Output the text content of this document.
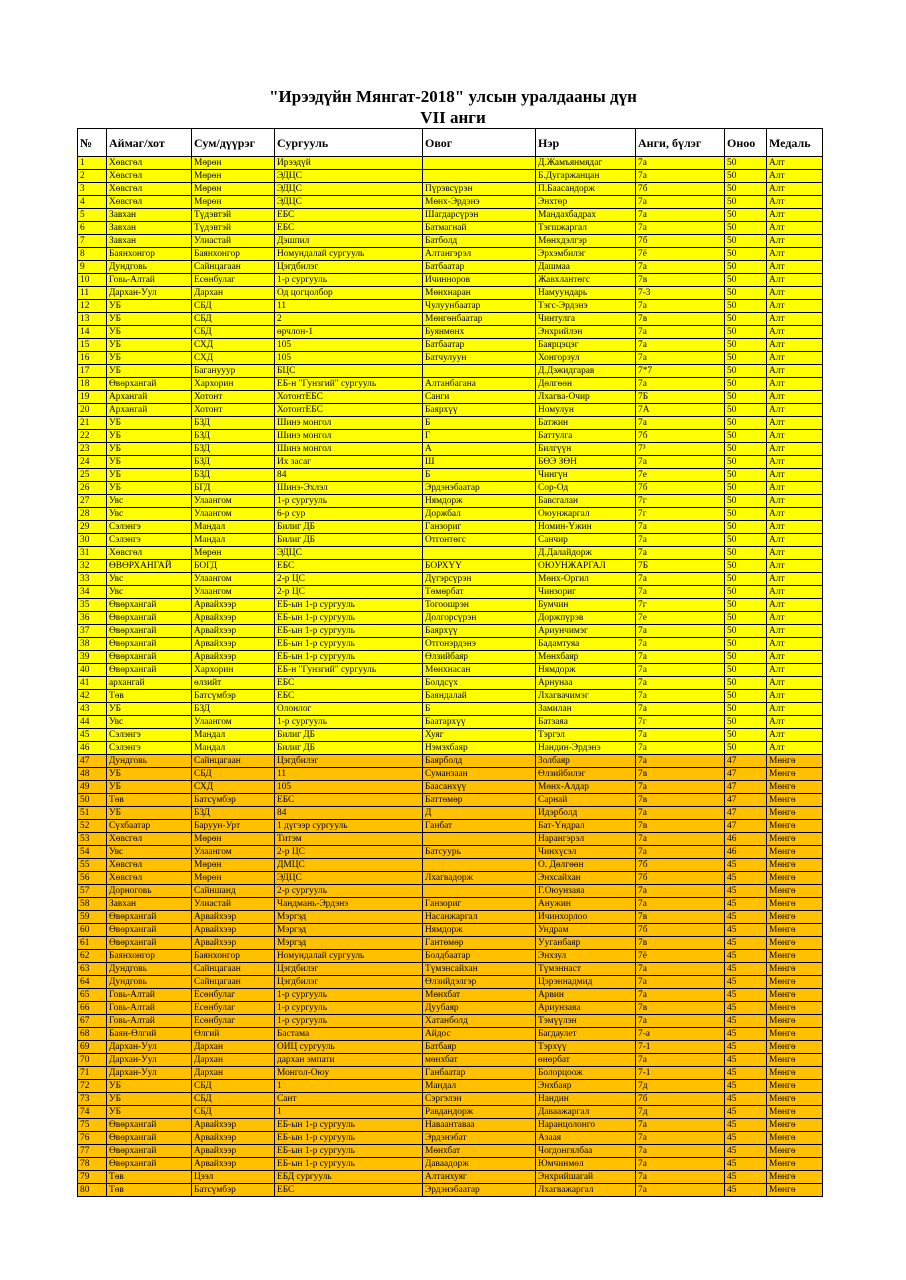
"Ирээдүйн Мянгат-2018" улсын уралдааны дүн
VII анги
№	Аймаг/хот	Сум/дүүрэг	Сургууль	Овог	Нэр	Анги, бүлэг	Оноо	Медаль
1	Хөвсгөл	Мөрөн	Ирээдүй		Д.Жамъянмядаг	7а	50	Алт
2	Хөвсгөл	Мөрөн	ЭДЦС		Б.Дугаржанцан	7а	50	Алт
3	Хөвсгөл	Мөрөн	ЭДЦС	Пүрэвсүрэн	П.Баасандорж	7б	50	Алт
4	Хөвсгөл	Мөрөн	ЭДЦС	Мөнх-Эрдэнэ	Энхтөр	7а	50	Алт
5	Завхан	Түдэвтэй	ЕБС	Шагдарсүрэн	Мандахбадрах	7а	50	Алт
6	Завхан	Түдэвтэй	ЕБС	Батмагнай	Тэгшжаргал	7а	50	Алт
7	Завхан	Улиастай	Дэшпил	Батболд	Мөнхдэлгэр	7б	50	Алт
8	Баянхонгор	Баянхонгор	Номундалай сургууль	Алтангэрэл	Эрхэмбилэг	7ё	50	Алт
9	Дундговь	Сайнцагаан	Цэгдбилэг	Батбаатар	Дашмаа	7а	50	Алт
10	Говь-Алтай	Есөнбулаг	1-р сургууль	Ичинноров	Жавхлантөгс	7в	50	Алт
11	Дархан-Уул	Дархан	Од цогцолбор	Мөнхнаран	Намуундарь	7-3	50	Алт
12	УБ	СБД	11	Чулуунбаатар	Тэгс-Эрдэнэ	7а	50	Алт
13	УБ	СБД	2	Мөнгөнбаатар	Чинтулга	7в	50	Алт
14	УБ	СБД	өрчлон-1	Буянмөнх	Энхрийлэн	7а	50	Алт
15	УБ	СХД	105	Батбаатар	Баярцэцэг	7а	50	Алт
16	УБ	СХД	105	Батчулуун	Хонгорзул	7а	50	Алт
17	УБ	Баганууур	БЦС		Д.Дэжидгарав	7*7	50	Алт
18	Өвөрхангай	Хархорин	ЕБ-н "Гунзгий" сургууль	Алтанбагана	Дөлгөөн	7а	50	Алт
19	Архангай	Хотонт	ХотонтЕБС	Санги	Лхагва-Очир	7Б	50	Алт
20	Архангай	Хотонт	ХотонтЕБС	Баярхүү	Номулун	7А	50	Алт
21	УБ	БЗД	Шинэ монгол	Б	Батжин	7а	50	Алт
22	УБ	БЗД	Шинэ монгол	Г	Баттулга	7б	50	Алт
23	УБ	БЗД	Шинэ монгол	А	Билгүүн	7³	50	Алт
24	УБ	БЗД	Их засаг	Ш	БӨЭ ЗӨН	7а	50	Алт
25	УБ	БЗД	84	Б	Чингүн	7е	50	Алт
26	УБ	БГД	Шинэ-Эхлэл	Эрдэнэбаатар	Сор-Од	7б	50	Алт
27	Увс	Улаангом	1-р сургууль	Нямдорж	Бавсгалан	7г	50	Алт
28	Увс	Улаангом	6-р сур	Доржбал	Оюунжаргал	7г	50	Алт
29	Сэлэнгэ	Мандал	Билиг ДБ	Ганзориг	Номин-Үжин	7а	50	Алт
30	Сэлэнгэ	Мандал	Билиг ДБ	Отгонтөгс	Санчир	7а	50	Алт
31	Хөвсгөл	Мөрөн	ЭДЦС		Д.Далайдорж	7а	50	Алт
32	ӨВӨРХАНГАЙ	БОГД	ЕБС	БОРХҮҮ	ОЮУНЖАРГАЛ	7Б	50	Алт
33	Увс	Улаангом	2-р ЦС	Дүгэрсүрэн	Мөнх-Оргил	7а	50	Алт
34	Увс	Улаангом	2-р ЦС	Төмөрбат	Чинзориг	7а	50	Алт
35	Өвөрхангай	Арвайхээр	ЕБ-ын 1-р сургууль	Тогоошрэн	Бумчин	7г	50	Алт
36	Өвөрхангай	Арвайхээр	ЕБ-ын 1-р сургууль	Долгорсүрэн	Доржпүрэв	7е	50	Алт
37	Өвөрхангай	Арвайхээр	ЕБ-ын 1-р сургууль	Баярхүү	Ариунчимэг	7а	50	Алт
38	Өвөрхангай	Арвайхээр	ЕБ-ын 1-р сургууль	Отгонэрдэнэ	Бадамтуяа	7а	50	Алт
39	Өвөрхангай	Арвайхээр	ЕБ-ын 1-р сургууль	Өлзийбаяр	Мөнхбаяр	7а	50	Алт
40	Өвөрхангай	Хархорин	ЕБ-н "Гунзгий" сургууль	Мөнхнасан	Нямдорж	7а	50	Алт
41	архангай	өлзийт	ЕБС	Болдсүх	Арнунаа	7а	50	Алт
42	Төв	Батсүмбэр	ЕБС	Баяндалай	Лхагвачимэг	7а	50	Алт
43	УБ	БЗД	Олонлог	Б	Замилан	7а	50	Алт
44	Увс	Улаангом	1-р сургууль	Баатархүү	Батзаяа	7г	50	Алт
45	Сэлэнгэ	Мандал	Билиг ДБ	Хуяг	Тэргэл	7а	50	Алт
46	Сэлэнгэ	Мандал	Билиг ДБ	Нэмэхбаяр	Нандин-Эрдэнэ	7а	50	Алт
47	Дундговь	Сайнцагаан	Цэгдбилэг	Баярболд	Золбаяр	7а	47	Мөнгө
48	УБ	СБД	11	Суманзаан	Өлзийбилэг	7в	47	Мөнгө
49	УБ	СХД	105	Баасанхүү	Мөнх-Алдар	7а	47	Мөнгө
50	Төв	Батсүмбэр	ЕБС	Баттөмөр	Сарнай	7в	47	Мөнгө
51	УБ	БЗД	84	Д	Идэрболд	7а	47	Мөнгө
52	Сүхбаатар	Баруун-Урт	1 дүгээр сургууль	Ганбат	Бат-Үндрал	7в	47	Мөнгө
53	Хөвсгөл	Мөрөн	Титэм		Нарангэрэл	7а	46	Мөнгө
54	Увс	Улаангом	2-р ЦС	Батсуурь	Чинхүсэл	7а	46	Мөнгө
55	Хөвсгөл	Мөрөн	ДМЦС		О. Дөлгөөн	7б	45	Мөнгө
56	Хөвсгөл	Мөрөн	ЭДЦС	Лхагвадорж	Энхсайхан	7б	45	Мөнгө
57	Дорноговь	Сайншанд	2-р сургууль		Г.Оюунзаяа	7а	45	Мөнгө
58	Завхан	Улиастай	Чандмань-Эрдэнэ	Ганзориг	Анужин	7а	45	Мөнгө
59	Өвөрхангай	Арвайхээр	Мэргэд	Насанжаргал	Ичинхорлоо	7в	45	Мөнгө
60	Өвөрхангай	Арвайхээр	Мэргэд	Нямдорж	Ундрам	7б	45	Мөнгө
61	Өвөрхангай	Арвайхээр	Мэргэд	Гантөмөр	Ууганбаяр	7в	45	Мөнгө
62	Баянхонгор	Баянхонгор	Номундалай сургууль	Болдбаатар	Энхзул	7ё	45	Мөнгө
63	Дундговь	Сайнцагаан	Цэгдбилэг	Түмэнсайхан	Түмэннаст	7а	45	Мөнгө
64	Дундговь	Сайнцагаан	Цэгдбилэг	Өлзийдэлгэр	Цэрэннадмид	7а	45	Мөнгө
65	Говь-Алтай	Есөнбулаг	1-р сургууль	Мөнхбат	Арвин	7а	45	Мөнгө
66	Говь-Алтай	Есөнбулаг	1-р сургууль	Дуубаяр	Ариунзаяа	7в	45	Мөнгө
67	Говь-Алтай	Есөнбулаг	1-р сургууль	Хатанболд	Тэмүүлэн	7а	45	Мөнгө
68	Баян-Өлгий	Өлгий	Бастама	Айдос	Багдаулет	7-а	45	Мөнгө
69	Дархан-Уул	Дархан	ОИЦ сургууль	Батбаяр	Тэрхүү	7-1	45	Мөнгө
70	Дархан-Уул	Дархан	дархан эмпати	мөнхбат	өнөрбат	7а	45	Мөнгө
71	Дархан-Уул	Дархан	Монгол-Оюу	Ганбаатар	Болорцоож	7-1	45	Мөнгө
72	УБ	СБД	1	Мандал	Энхбаяр	7д	45	Мөнгө
73	УБ	СБД	Сант	Сэргэлэн	Нандин	7б	45	Мөнгө
74	УБ	СБД	1	Равдандорж	Даваажаргал	7д	45	Мөнгө
75	Өвөрхангай	Арвайхээр	ЕБ-ын 1-р сургууль	Наваантаваа	Наранцолонго	7а	45	Мөнгө
76	Өвөрхангай	Арвайхээр	ЕБ-ын 1-р сургууль	Эрдэнэбат	Азаая	7а	45	Мөнгө
77	Өвөрхангай	Арвайхээр	ЕБ-ын 1-р сургууль	Мөнхбат	Чогдонгялбаа	7а	45	Мөнгө
78	Өвөрхангай	Арвайхээр	ЕБ-ын 1-р сургууль	Даваадорж	Юмчинмөл	7а	45	Мөнгө
79	Төв	Цээл	ЕБД сургууль	Алтанхуяг	Энхрийшагай	7а	45	Мөнгө
80	Төв	Батсүмбэр	ЕБС	Эрдэнэбаатар	Лхагважаргал	7а	45	Мөнгө
